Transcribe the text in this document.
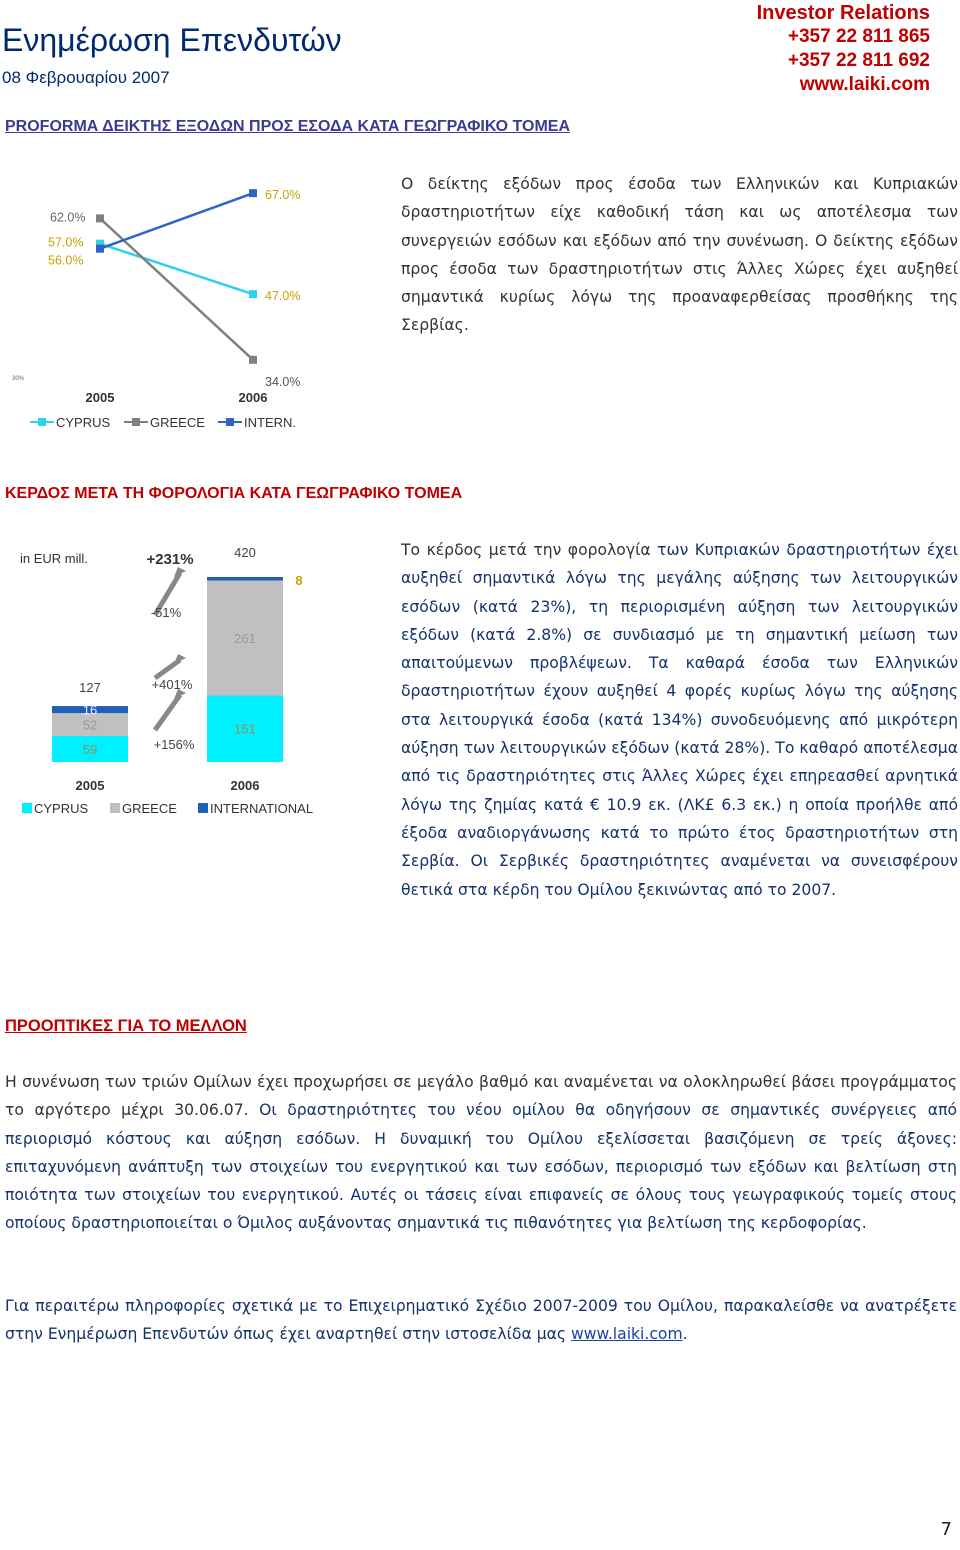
Ενημέρωση Επενδυτών
08 Φεβρουαρίου 2007
Investor Relations
+357 22 811 865
+357 22 811 692
www.laiki.com
PROFORMA ΔΕΙΚΤΗΣ ΕΞΟΔΩΝ ΠΡΟΣ ΕΣΟΔΑ ΚΑΤΑ ΓΕΩΓΡΑΦΙΚΟ ΤΟΜΕΑ
57.0%
47.0%
62.0%
34.0%
56.0%
67.0%
30%
2005	2006
CYPRUS	GREECE	INTERN.
Ο δείκτης εξόδων προς έσοδα των Ελληνικών και Κυπριακών δραστηριοτήτων είχε καθοδική τάση και ως αποτέλεσμα των συνεργειών εσόδων και εξόδων από την συνένωση. Ο δείκτης εξόδων προς έσοδα των δραστηριοτήτων στις Άλλες Χώρες έχει αυξηθεί σημαντικά κυρίως λόγω της προαναφερθείσας προσθήκης της Σερβίας.
ΚΕΡΔΟΣ ΜΕΤΑ ΤΗ ΦΟΡΟΛΟΓΙΑ ΚΑΤΑ ΓΕΩΓΡΑΦΙΚΟ ΤΟΜΕΑ
in EUR mill.
59
52
16
127
2005
151
261
8
420
2006
+231%
-51%
+401%
+156%
CYPRUS	GREECE	INTERNATIONAL
Το κέρδος μετά την φορολογία των Κυπριακών δραστηριοτήτων έχει αυξηθεί σημαντικά λόγω της μεγάλης αύξησης των λειτουργικών εσόδων (κατά 23%), τη περιορισμένη αύξηση των λειτουργικών εξόδων (κατά 2.8%) σε συνδιασμό με τη σημαντική μείωση των απαιτούμενων προβλέψεων. Τα καθαρά έσοδα των Ελληνικών δραστηριοτήτων έχουν αυξηθεί 4 φορές κυρίως λόγω της αύξησης στα λειτουργικά έσοδα (κατά 134%) συνοδευόμενης από μικρότερη αύξηση των λειτουργικών εξόδων (κατά 28%). Το καθαρό αποτέλεσμα από τις δραστηριότητες στις Άλλες Χώρες έχει επηρεασθεί αρνητικά λόγω της ζημίας κατά € 10.9 εκ. (ΛΚ£ 6.3 εκ.) η οποία προήλθε από έξοδα αναδιοργάνωσης κατά το πρώτο έτος δραστηριοτήτων στη Σερβία. Οι Σερβικές δραστηριότητες αναμένεται να συνεισφέρουν θετικά στα κέρδη του Ομίλου ξεκινώντας από το 2007.
ΠΡΟΟΠΤΙΚΕΣ ΓΙΑ ΤΟ ΜΕΛΛΟΝ
Η συνένωση των τριών Ομίλων έχει προχωρήσει σε μεγάλο βαθμό και αναμένεται να ολοκληρωθεί βάσει προγράμματος το αργότερο μέχρι 30.06.07. Οι δραστηριότητες του νέου ομίλου θα οδηγήσουν σε σημαντικές συνέργειες από περιορισμό κόστους και αύξηση εσόδων. Η δυναμική του Ομίλου εξελίσσεται βασιζόμενη σε τρείς άξονες: επιταχυνόμενη ανάπτυξη των στοιχείων του ενεργητικού και των εσόδων, περιορισμό των εξόδων και βελτίωση στη ποιότητα των στοιχείων του ενεργητικού. Αυτές οι τάσεις είναι επιφανείς σε όλους τους γεωγραφικούς τομείς στους οποίους δραστηριοποιείται ο Όμιλος αυξάνοντας σημαντικά τις πιθανότητες για βελτίωση της κερδοφορίας.
Για περαιτέρω πληροφορίες σχετικά με το Επιχειρηματικό Σχέδιο 2007-2009 του Ομίλου, παρακαλείσθε να ανατρέξετε στην Ενημέρωση Επενδυτών όπως έχει αναρτηθεί στην ιστοσελίδα μας www.laiki.com.
7
